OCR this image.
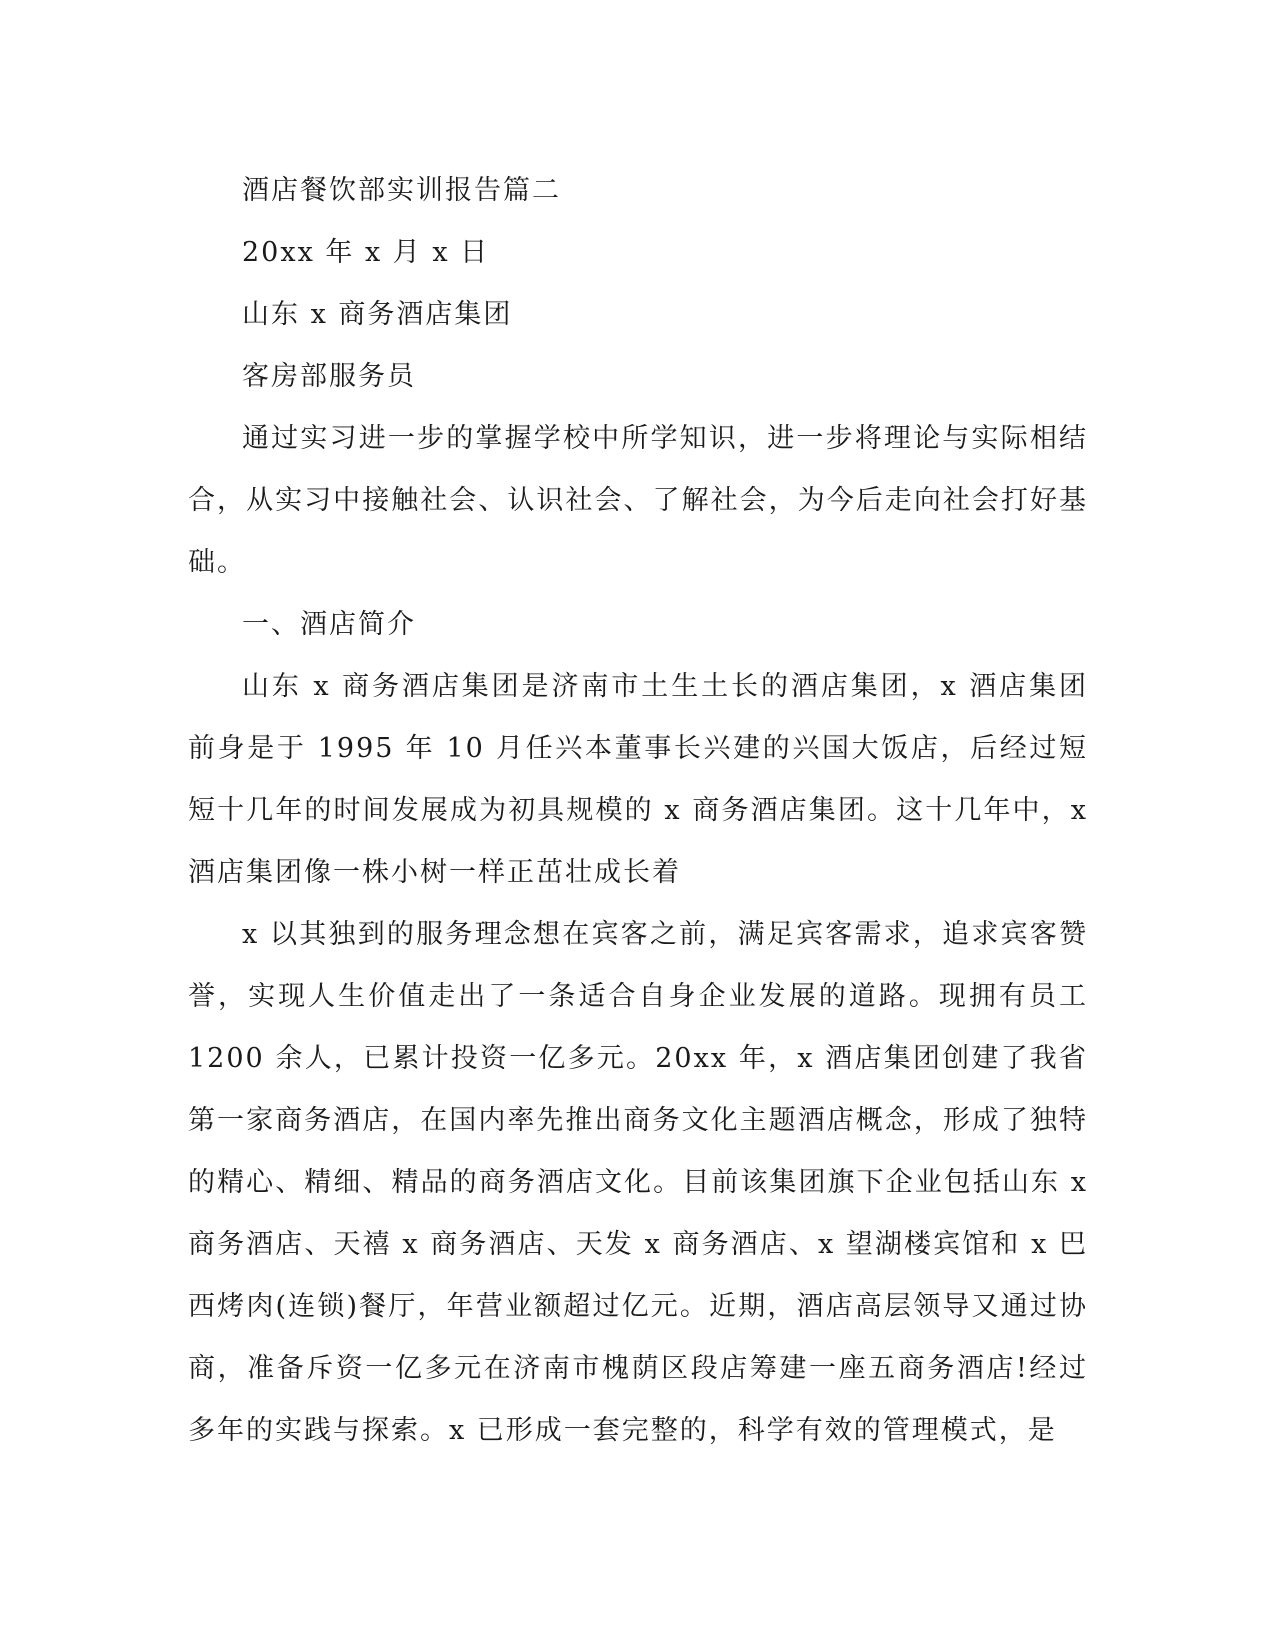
酒店餐饮部实训报告篇二

20xx 年 x 月 x 日

山东 x 商务酒店集团

客房部服务员

通过实习进一步的掌握学校中所学知识，进一步将理论与实际相结合，从实习中接触社会、认识社会、了解社会，为今后走向社会打好基础。

一、酒店简介

山东 x 商务酒店集团是济南市土生土长的酒店集团，x 酒店集团前身是于 1995 年 10 月任兴本董事长兴建的兴国大饭店，后经过短短十几年的时间发展成为初具规模的 x 商务酒店集团。这十几年中，x 酒店集团像一株小树一样正茁壮成长着

x 以其独到的服务理念想在宾客之前，满足宾客需求，追求宾客赞誉，实现人生价值走出了一条适合自身企业发展的道路。现拥有员工 1200 余人，已累计投资一亿多元。20xx 年，x 酒店集团创建了我省第一家商务酒店，在国内率先推出商务文化主题酒店概念，形成了独特的精心、精细、精品的商务酒店文化。目前该集团旗下企业包括山东 x 商务酒店、天禧 x 商务酒店、天发 x 商务酒店、x 望湖楼宾馆和 x 巴西烤肉(连锁)餐厅，年营业额超过亿元。近期，酒店高层领导又通过协商，准备斥资一亿多元在济南市槐荫区段店筹建一座五商务酒店!经过多年的实践与探索。x 已形成一套完整的，科学有效的管理模式，是
